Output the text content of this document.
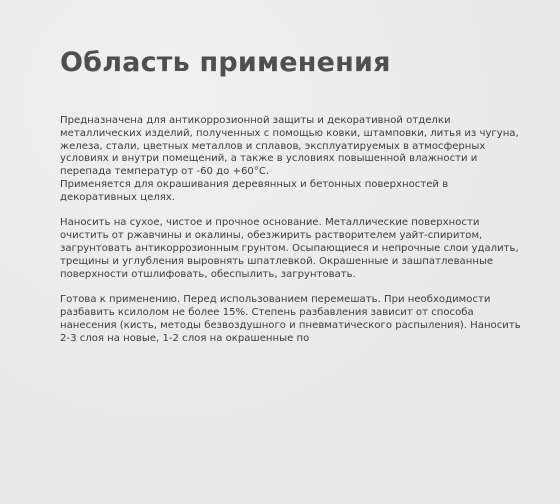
Область применения

Предназначена для антикоррозионной защиты и декоративной отделки
металлических изделий, полученных с помощью ковки, штамповки, литья из чугуна,
железа, стали, цветных металлов и сплавов, эксплуатируемых в атмосферных
условиях и внутри помещений, а также в условиях повышенной влажности и
перепада температур от -60 до +60°С.
Применяется для окрашивания деревянных и бетонных поверхностей в
декоративных целях.

Наносить на сухое, чистое и прочное основание. Металлические поверхности
очистить от ржавчины и окалины, обезжирить растворителем уайт-спиритом,
загрунтовать антикоррозионным грунтом. Осыпающиеся и непрочные слои удалить,
трещины и углубления выровнять шпатлевкой. Окрашенные и зашпатлеванные
поверхности отшлифовать, обеспылить, загрунтовать.

Готова к применению. Перед использованием перемешать. При необходимости
разбавить ксилолом не более 15%. Степень разбавления зависит от способа
нанесения (кисть, методы безвоздушного и пневматического распыления). Наносить
2-3 слоя на новые, 1-2 слоя на окрашенные по
